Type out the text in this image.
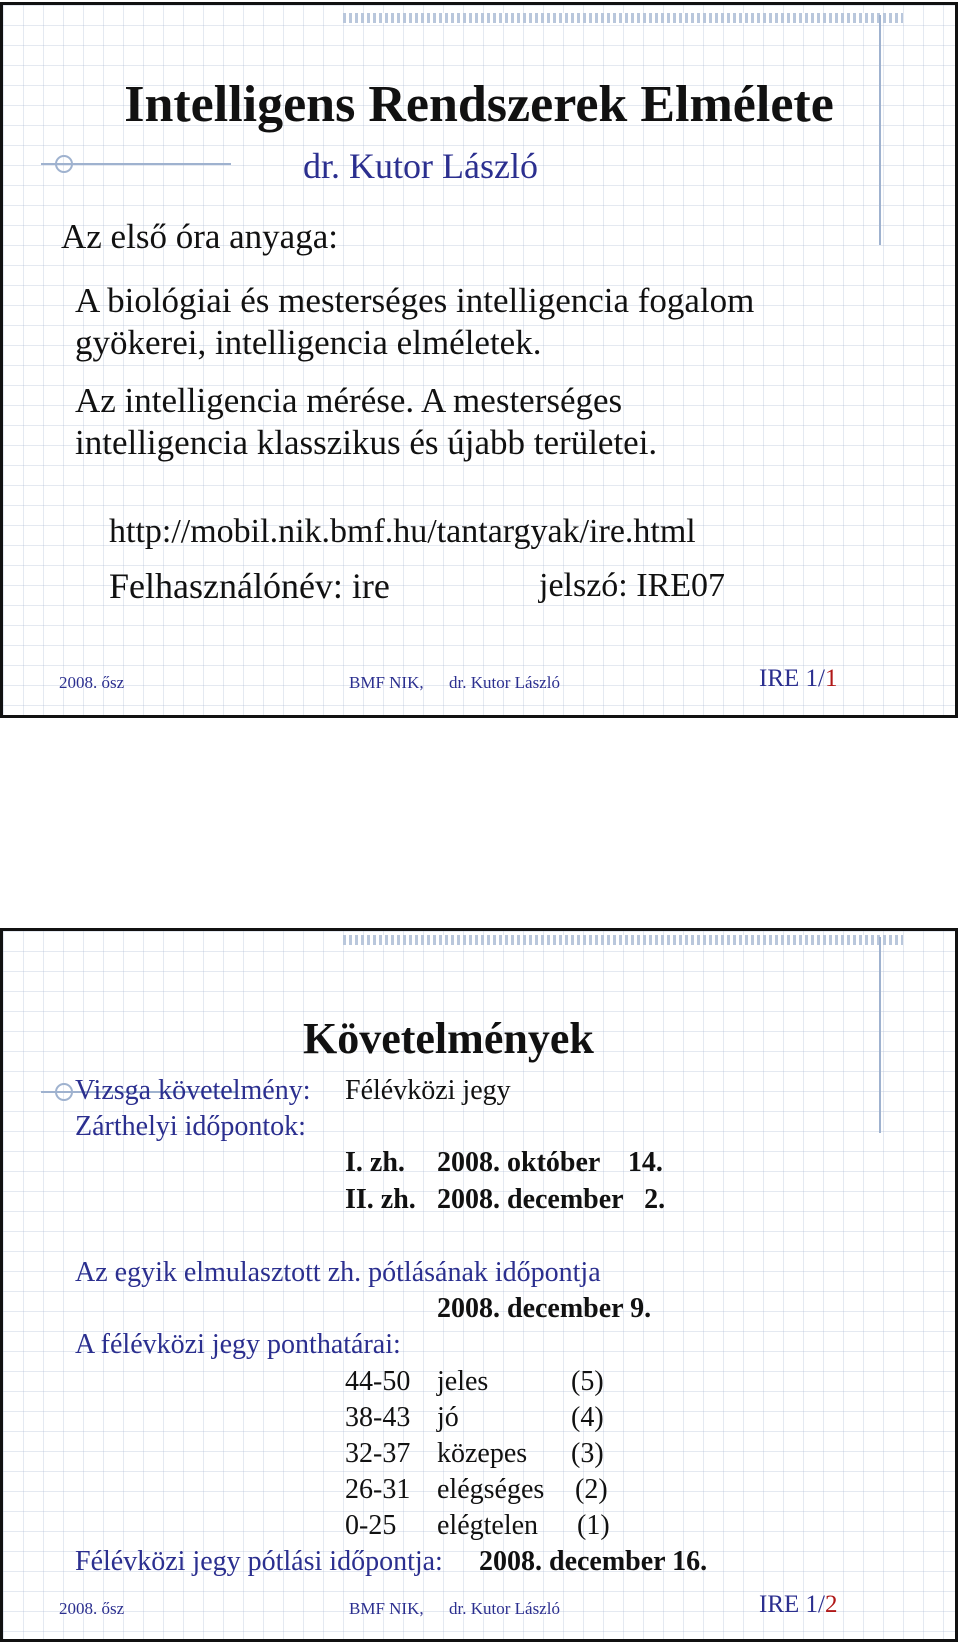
Intelligens Rendszerek Elmélete
dr. Kutor László
Az első óra anyaga:
A biológiai és mesterséges intelligencia fogalom
gyökerei, intelligencia elméletek.
Az intelligencia mérése. A mesterséges
intelligencia klasszikus és újabb területei.
http://mobil.nik.bmf.hu/tantargyak/ire.html
Felhasználónév: ire	jelszó: IRE07
2008. ősz	BMF NIK, dr. Kutor László	IRE 1/1
Követelmények
Vizsga követelmény: Félévközi jegy
Zárthelyi időpontok:
I. zh. 2008. október    14.
II. zh. 2008. december   2.
Az egyik elmulasztott zh. pótlásának időpontja
2008. december 9.
A félévközi jegy ponthatárai:
44-50 jeles	(5)
38-43 jó	(4)
32-37 közepes (3)
26-31 elégséges (2)
0-25 elégtelen (1)
Félévközi jegy pótlási időpontja: 2008. december 16.
2008. ősz	BMF NIK, dr. Kutor László	IRE 1/2
